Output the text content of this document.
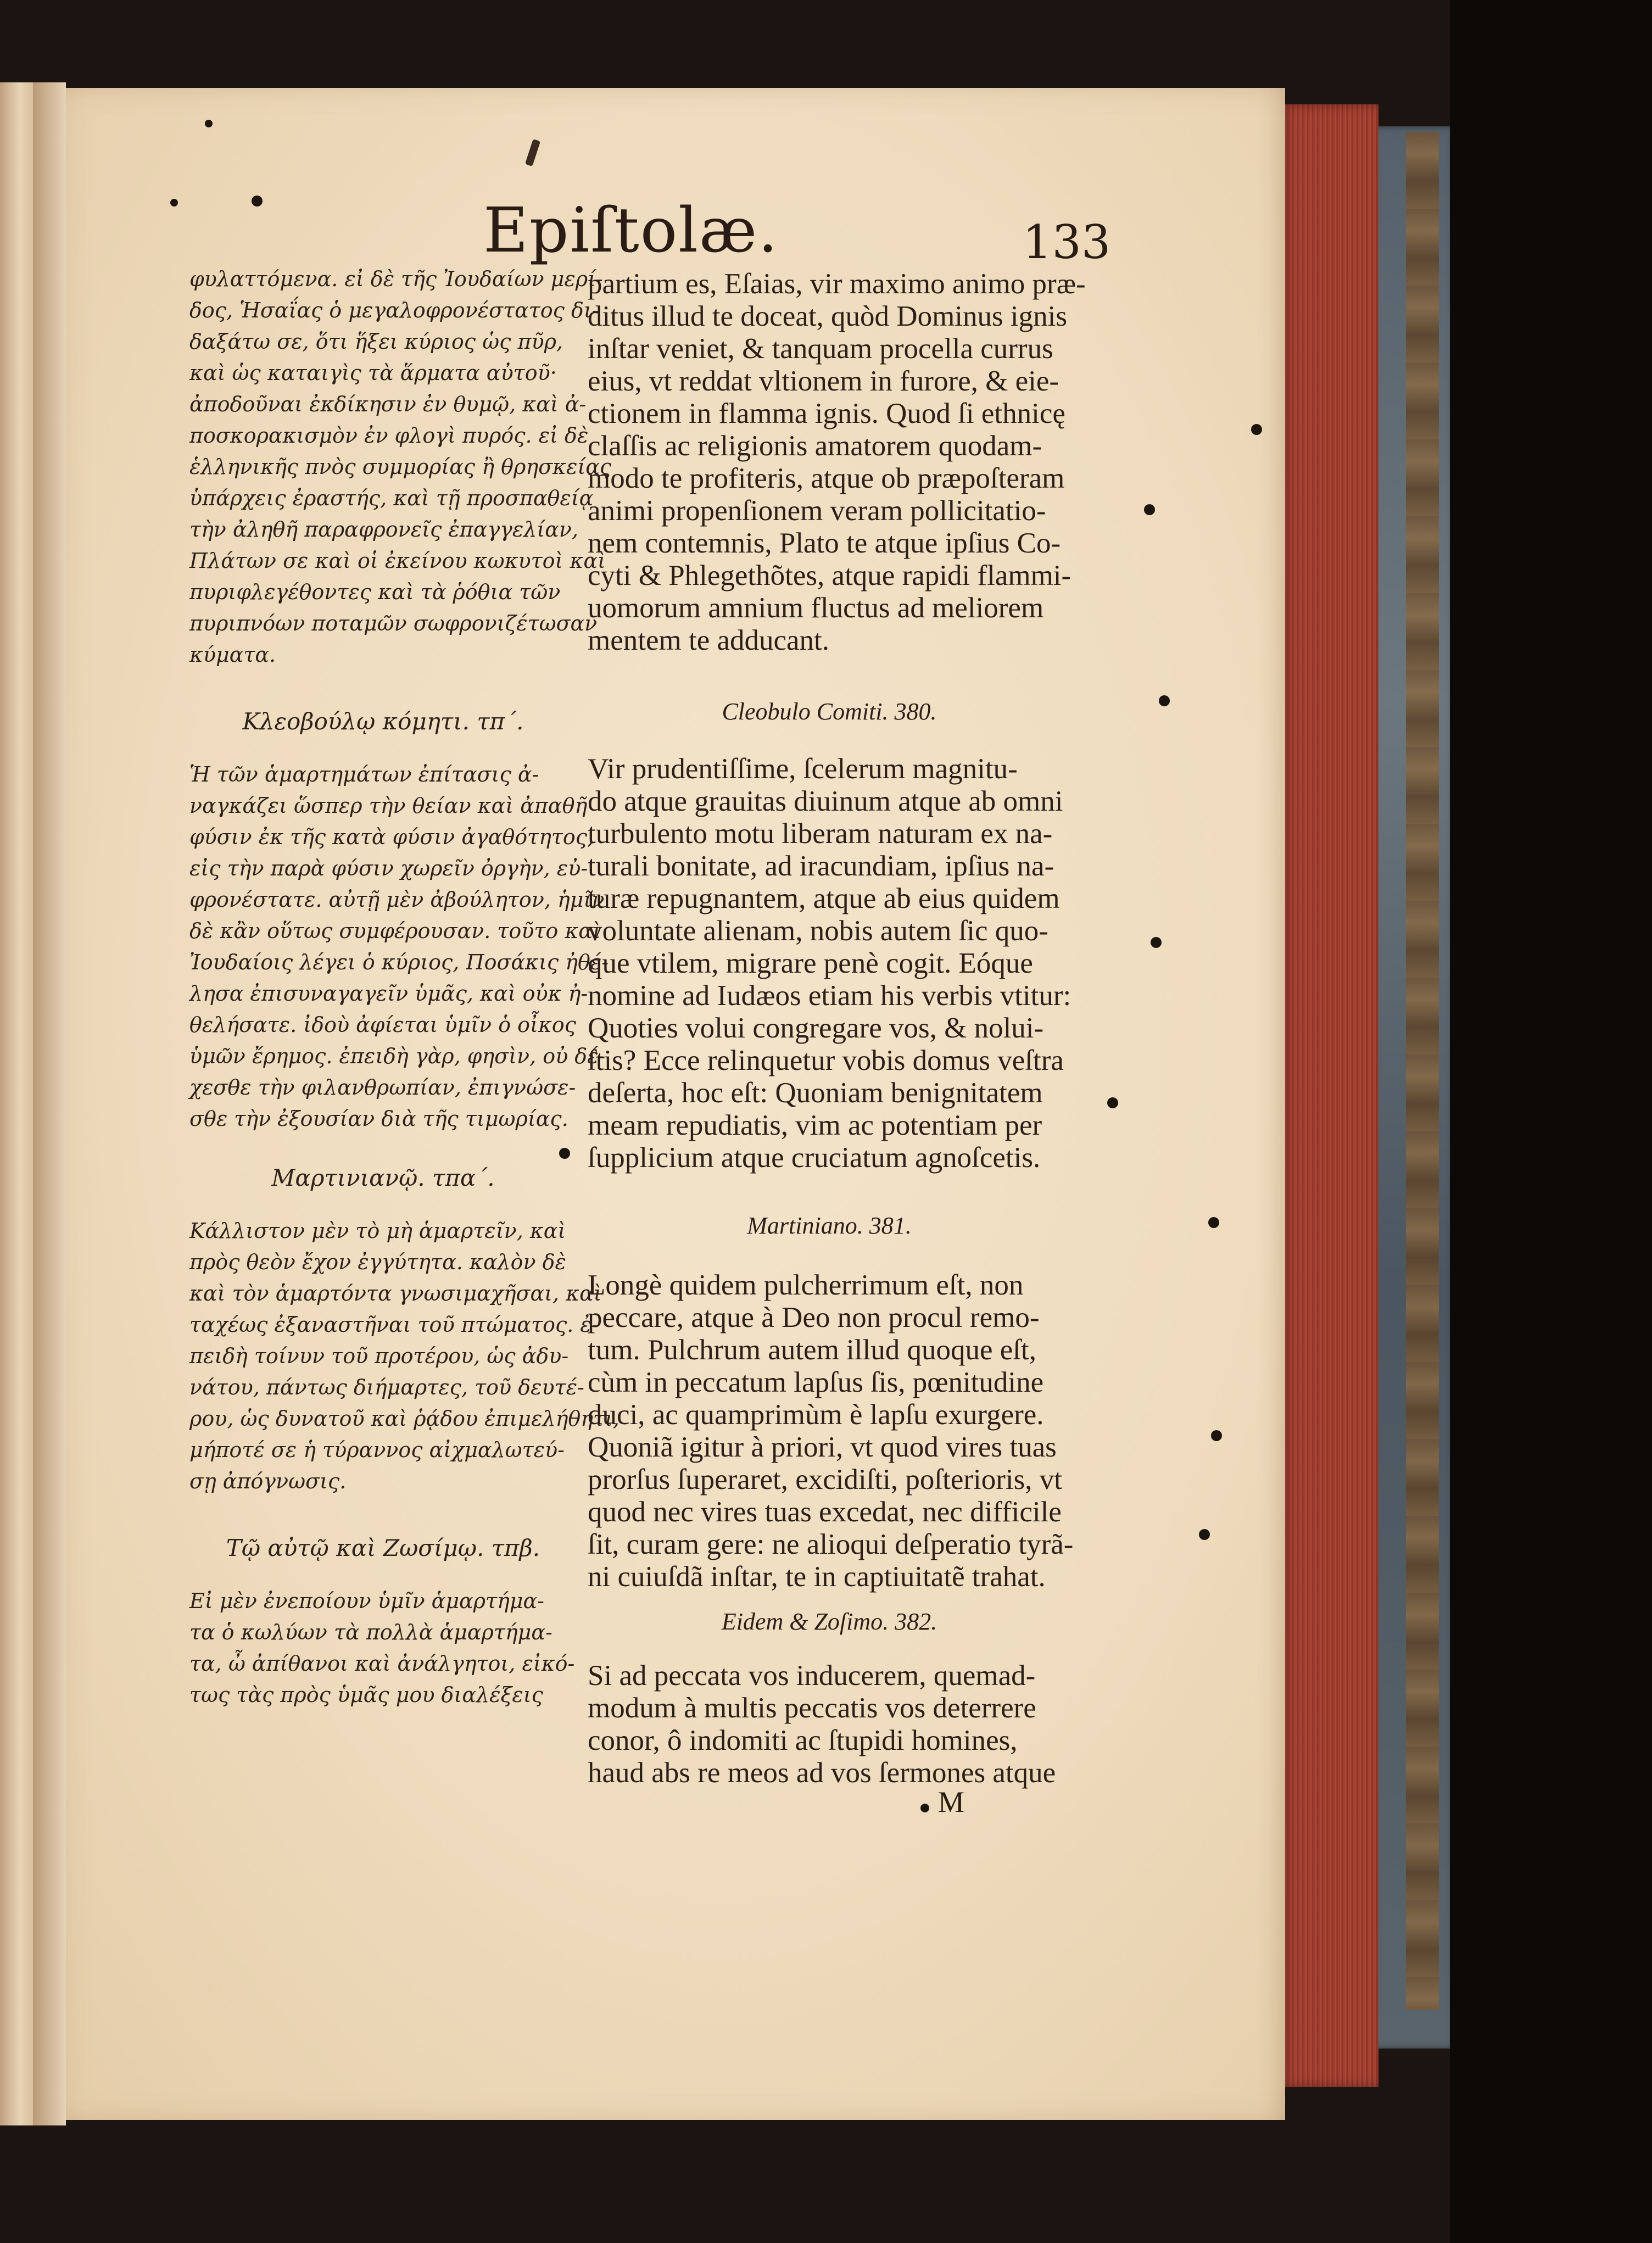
Epiſtolæ.	133

φυλαττόμενα. εἰ δὲ τῆς Ἰουδαίων μερί-
δος, Ἡσαΐας ὁ μεγαλοφρονέστατος δι-
δαξάτω σε, ὅτι ἥξει κύριος ὡς πῦρ,
καὶ ὡς καταιγὶς τὰ ἅρματα αὐτοῦ·
ἀποδοῦναι ἐκδίκησιν ἐν θυμῷ, καὶ ἀ-
ποσκορακισμὸν ἐν φλογὶ πυρός. εἰ δὲ
ἑλληνικῆς πνὸς συμμορίας ἢ θρησκείας
ὑπάρχεις ἐραστής, καὶ τῇ προσπαθείᾳ
τὴν ἀληθῆ παραφρονεῖς ἐπαγγελίαν,
Πλάτων σε καὶ οἱ ἐκείνου κωκυτοὶ καὶ
πυριφλεγέθοντες καὶ τὰ ῥόθια τῶν
πυριπνόων ποταμῶν σωφρονιζέτωσαν
κύματα.

Κλεοβούλῳ κόμητι. τπ΄.

Ἡ τῶν ἁμαρτημάτων ἐπίτασις ἀ-
ναγκάζει ὥσπερ τὴν θείαν καὶ ἀπαθῆ
φύσιν ἐκ τῆς κατὰ φύσιν ἀγαθότητος,
εἰς τὴν παρὰ φύσιν χωρεῖν ὀργὴν, εὐ-
φρονέστατε. αὐτῇ μὲν ἀβούλητον, ἡμῖν
δὲ κἂν οὕτως συμφέρουσαν. τοῦτο καὶ
Ἰουδαίοις λέγει ὁ κύριος, Ποσάκις ἠθέ-
λησα ἐπισυναγαγεῖν ὑμᾶς, καὶ οὐκ ἠ-
θελήσατε. ἰδοὺ ἀφίεται ὑμῖν ὁ οἶκος
ὑμῶν ἔρημος. ἐπειδὴ γὰρ, φησὶν, οὐ δέ-
χεσθε τὴν φιλανθρωπίαν, ἐπιγνώσε-
σθε τὴν ἐξουσίαν διὰ τῆς τιμωρίας.

Μαρτινιανῷ. τπα΄.

Κάλλιστον μὲν τὸ μὴ ἁμαρτεῖν, καὶ
πρὸς θεὸν ἔχον ἐγγύτητα. καλὸν δὲ
καὶ τὸν ἁμαρτόντα γνωσιμαχῆσαι, καὶ
ταχέως ἐξαναστῆναι τοῦ πτώματος. ἐ-
πειδὴ τοίνυν τοῦ προτέρου, ὡς ἀδυ-
νάτου, πάντως διήμαρτες, τοῦ δευτέ-
ρου, ὡς δυνατοῦ καὶ ῥᾴδου ἐπιμελήθητι,
μήποτέ σε ἡ τύραννος αἰχμαλωτεύ-
σῃ ἀπόγνωσις.

Τῷ αὐτῷ καὶ Ζωσίμῳ. τπβ.

Εἰ μὲν ἐνεποίουν ὑμῖν ἁμαρτήμα-
τα ὁ κωλύων τὰ πολλὰ ἁμαρτήμα-
τα, ὦ ἀπίθανοι καὶ ἀνάλγητοι, εἰκό-
τως τὰς πρὸς ὑμᾶς μου διαλέξεις

partium es, Eſaias, vir maximo animo præ-
ditus illud te doceat, quòd Dominus ignis
inſtar veniet, & tanquam procella currus
eius, vt reddat vltionem in furore, & eie-
ctionem in flamma ignis. Quod ſi ethnicę
claſſis ac religionis amatorem quodam-
modo te profiteris, atque ob præpoſteram
animi propenſionem veram pollicitatio-
nem contemnis, Plato te atque ipſius Co-
cyti & Phlegethõtes, atque rapidi flammi-
uomorum amnium fluctus ad meliorem
mentem te adducant.

Cleobulo Comiti. 380.

Vir prudentiſſime, ſcelerum magnitu-
do atque grauitas diuinum atque ab omni
turbulento motu liberam naturam ex na-
turali bonitate, ad iracundiam, ipſius na-
turæ repugnantem, atque ab eius quidem
voluntate alienam, nobis autem ſic quo-
que vtilem, migrare penè cogit. Eóque
nomine ad Iudæos etiam his verbis vtitur:
Quoties volui congregare vos, & nolui-
ſtis? Ecce relinquetur vobis domus veſtra
deſerta, hoc eſt: Quoniam benignitatem
meam repudiatis, vim ac potentiam per
ſupplicium atque cruciatum agnoſcetis.

Martiniano. 381.

Longè quidem pulcherrimum eſt, non
peccare, atque à Deo non procul remo-
tum. Pulchrum autem illud quoque eſt,
cùm in peccatum lapſus ſis, pœnitudine
duci, ac quamprimùm è lapſu exurgere.
Quoniã igitur à priori, vt quod vires tuas
prorſus ſuperaret, excidiſti, poſterioris, vt
quod nec vires tuas excedat, nec difficile
ſit, curam gere: ne alioqui deſperatio tyrã-
ni cuiuſdã inſtar, te in captiuitatẽ trahat.

Eidem & Zoſimo. 382.

Si ad peccata vos inducerem, quemad-
modum à multis peccatis vos deterrere
conor, ô indomiti ac ſtupidi homines,
haud abs re meos ad vos ſermones atque

M
